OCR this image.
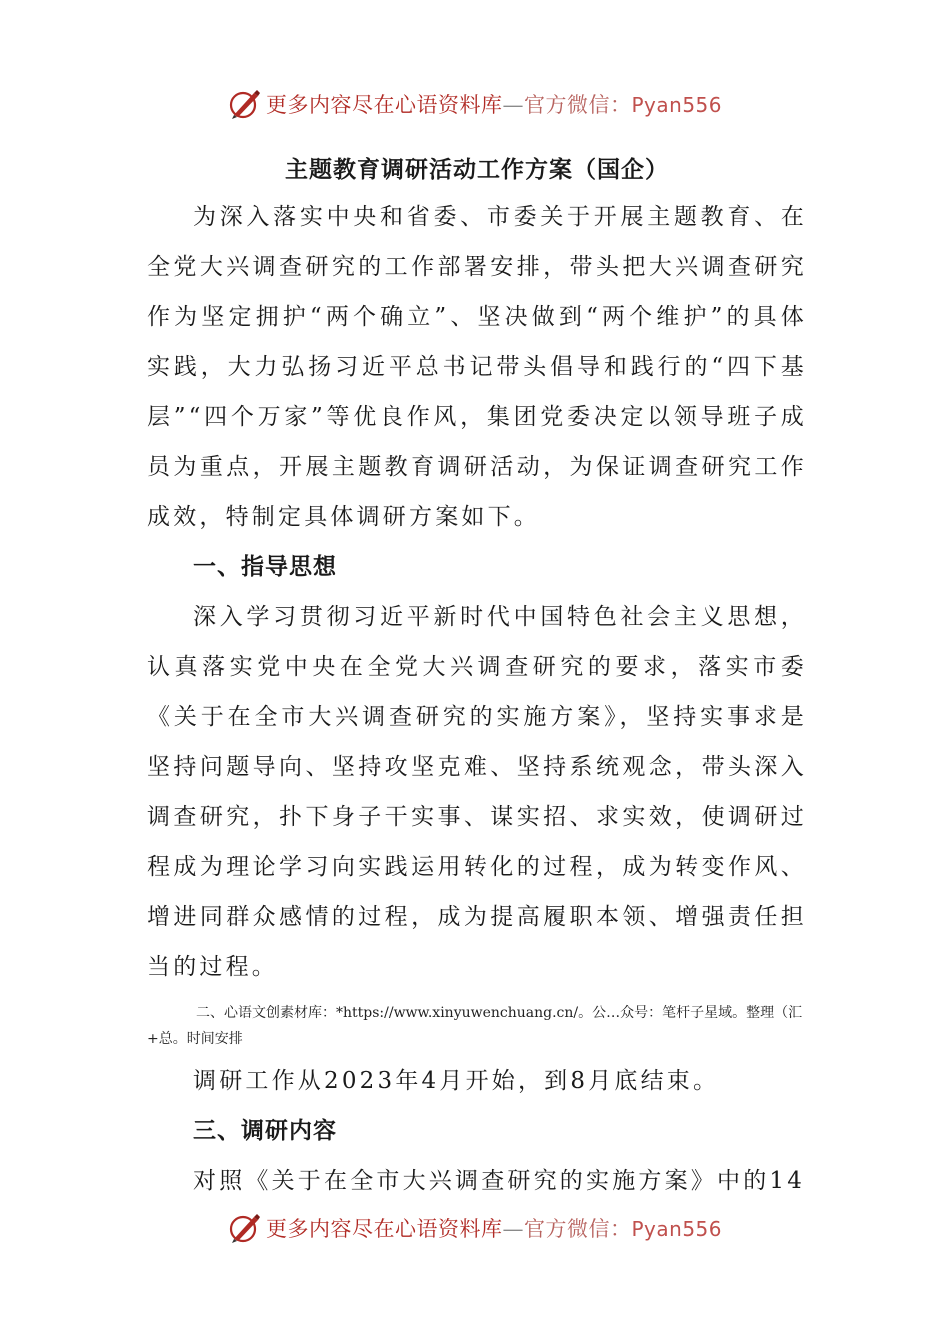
更多内容尽在心语资料库—官方微信：Pyan556
主题教育调研活动工作方案（国企）

为深入落实中央和省委、市委关于开展主题教育、在全党大兴调查研究的工作部署安排，带头把大兴调查研究作为坚定拥护“两个确立”、坚决做到“两个维护”的具体实践，大力弘扬习近平总书记带头倡导和践行的“四下基层”“四个万家”等优良作风，集团党委决定以领导班子成员为重点，开展主题教育调研活动，为保证调查研究工作成效，特制定具体调研方案如下。

一、指导思想

深入学习贯彻习近平新时代中国特色社会主义思想，认真落实党中央在全党大兴调查研究的要求，落实市委《关于在全市大兴调查研究的实施方案》，坚持实事求是坚持问题导向、坚持攻坚克难、坚持系统观念，带头深入调查研究，扑下身子干实事、谋实招、求实效，使调研过程成为理论学习向实践运用转化的过程，成为转变作风、增进同群众感情的过程，成为提高履职本领、增强责任担当的过程。

二、心语文创素材库：*https://www.xinyuwenchuang.cn/。公…众号：笔杆子星域。整理（汇+总。时间安排

调研工作从2023年4月开始，到8月底结束。

三、调研内容

对照《关于在全市大兴调查研究的实施方案》中的14

更多内容尽在心语资料库—官方微信：Pyan556
